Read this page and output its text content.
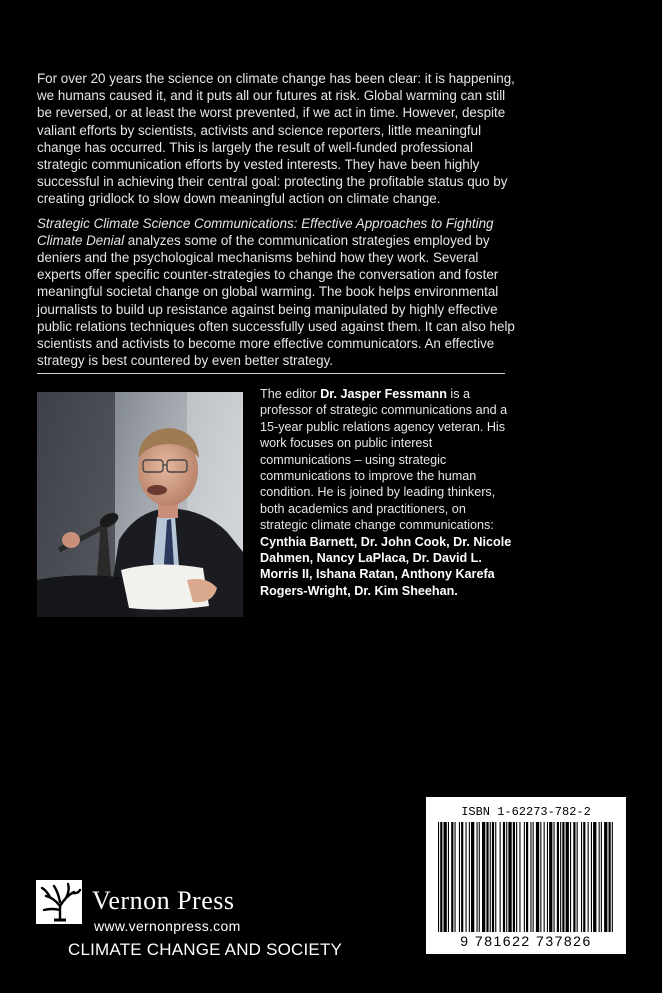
For over 20 years the science on climate change has been clear: it is happening, we humans caused it, and it puts all our futures at risk. Global warming can still be reversed, or at least the worst prevented, if we act in time. However, despite valiant efforts by scientists, activists and science reporters, little meaningful change has occurred. This is largely the result of well-funded professional strategic communication efforts by vested interests. They have been highly successful in achieving their central goal: protecting the profitable status quo by creating gridlock to slow down meaningful action on climate change.

Strategic Climate Science Communications: Effective Approaches to Fighting Climate Denial analyzes some of the communication strategies employed by deniers and the psychological mechanisms behind how they work. Several experts offer specific counter-strategies to change the conversation and foster meaningful societal change on global warming. The book helps environmental journalists to build up resistance against being manipulated by highly effective public relations techniques often successfully used against them. It can also help scientists and activists to become more effective communicators. An effective strategy is best countered by even better strategy.

The editor Dr. Jasper Fessmann is a professor of strategic communications and a 15-year public relations agency veteran. His work focuses on public interest communications – using strategic communications to improve the human condition. He is joined by leading thinkers, both academics and practitioners, on strategic climate change communications: Cynthia Barnett, Dr. John Cook, Dr. Nicole Dahmen, Nancy LaPlaca, Dr. David L. Morris II, Ishana Ratan, Anthony Karefa Rogers-Wright, Dr. Kim Sheehan.
Vernon Press
www.vernonpress.com
CLIMATE CHANGE AND SOCIETY
ISBN 1-62273-782-2
9 781622 737826
